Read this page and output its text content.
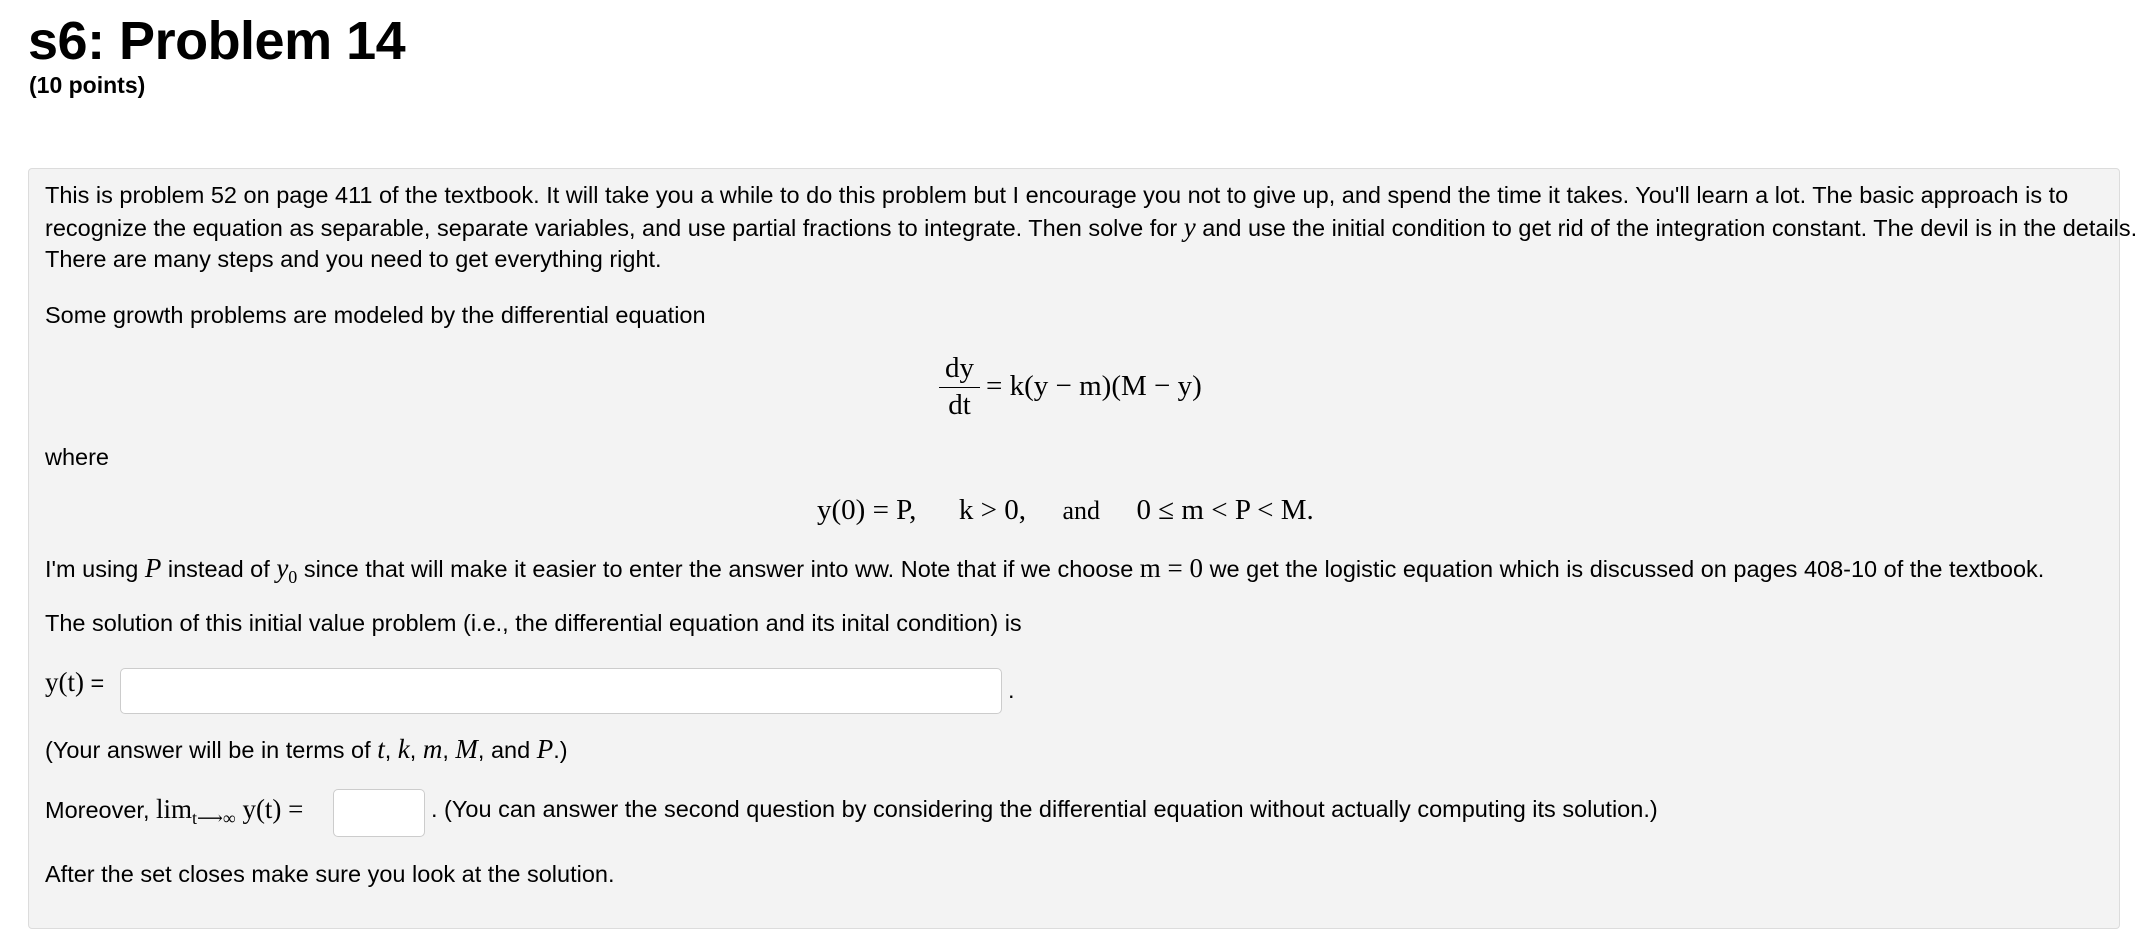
s6: Problem 14
(10 points)

This is problem 52 on page 411 of the textbook. It will take you a while to do this problem but I encourage you not to give up, and spend the time it takes. You'll learn a lot. The basic approach is to

recognize the equation as separable, separate variables, and use partial fractions to integrate. Then solve for y and use the initial condition to get rid of the integration constant. The devil is in the details.

There are many steps and you need to get everything right.

Some growth problems are modeled by the differential equation

$\frac{dy}{dt} = k(y - m)(M - y)$

where

y(0) = P, k > 0, and 0 ≤ m < P < M.

I'm using P instead of $y_0$ since that will make it easier to enter the answer into ww. Note that if we choose m = 0 we get the logistic equation which is discussed on pages 408-10 of the textbook.

The solution of this initial value problem (i.e., the differential equation and its inital condition) is

y(t) =	.

(Your answer will be in terms of t, k, m, M, and P.)

Moreover, $\lim_{t⟶\infty} y(t)$ =	. (You can answer the second question by considering the differential equation without actually computing its solution.)

After the set closes make sure you look at the solution.
